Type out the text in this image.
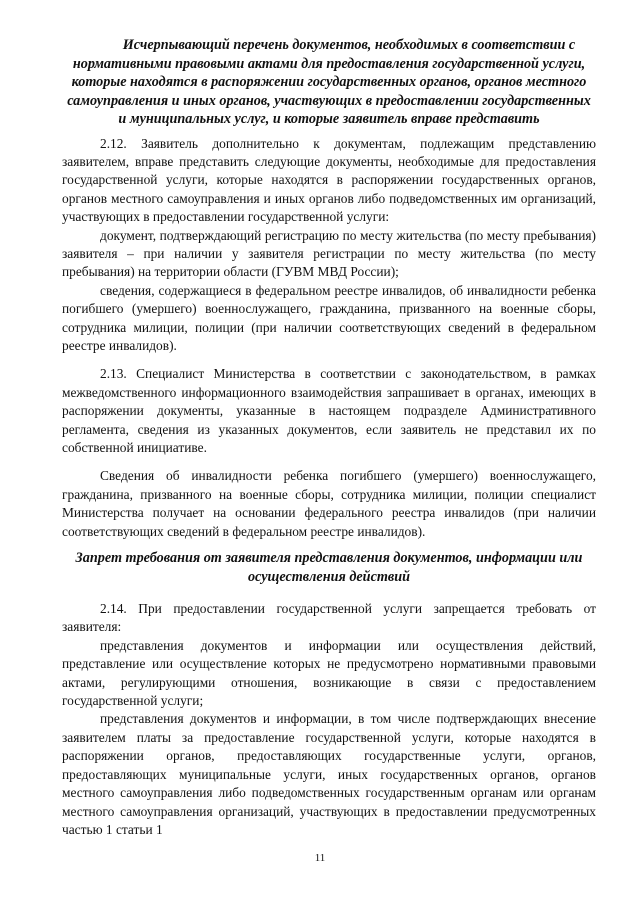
Исчерпывающий перечень документов, необходимых в соответствии с нормативными правовыми актами для предоставления государственной услуги, которые находятся в распоряжении государственных органов, органов местного самоуправления и иных органов, участвующих в предоставлении государственных и муниципальных услуг, и которые заявитель вправе представить

2.12. Заявитель дополнительно к документам, подлежащим представлению заявителем, вправе представить следующие документы, необходимые для предоставления государственной услуги, которые находятся в распоряжении государственных органов, органов местного самоуправления и иных органов либо подведомственных им организаций, участвующих в предоставлении государственной услуги:

документ, подтверждающий регистрацию по месту жительства (по месту пребывания) заявителя – при наличии у заявителя регистрации по месту жительства (по месту пребывания) на территории области (ГУВМ МВД России);

сведения, содержащиеся в федеральном реестре инвалидов, об инвалидности ребенка погибшего (умершего) военнослужащего, гражданина, призванного на военные сборы, сотрудника милиции, полиции (при наличии соответствующих сведений в федеральном реестре инвалидов).

2.13. Специалист Министерства в соответствии с законодательством, в рамках межведомственного информационного взаимодействия запрашивает в органах, имеющих в распоряжении документы, указанные в настоящем подразделе Административного регламента, сведения из указанных документов, если заявитель не представил их по собственной инициативе.

Сведения об инвалидности ребенка погибшего (умершего) военнослужащего, гражданина, призванного на военные сборы, сотрудника милиции, полиции специалист Министерства получает на основании федерального реестра инвалидов (при наличии соответствующих сведений в федеральном реестре инвалидов).

Запрет требования от заявителя представления документов, информации или осуществления действий

2.14. При предоставлении государственной услуги запрещается требовать от заявителя:

представления документов и информации или осуществления действий, представление или осуществление которых не предусмотрено нормативными правовыми актами, регулирующими отношения, возникающие в связи с предоставлением государственной услуги;

представления документов и информации, в том числе подтверждающих внесение заявителем платы за предоставление государственной услуги, которые находятся в распоряжении органов, предоставляющих государственные услуги, органов, предоставляющих муниципальные услуги, иных государственных органов, органов местного самоуправления либо подведомственных государственным органам или органам местного самоуправления организаций, участвующих в предоставлении предусмотренных частью 1 статьи 1

11
